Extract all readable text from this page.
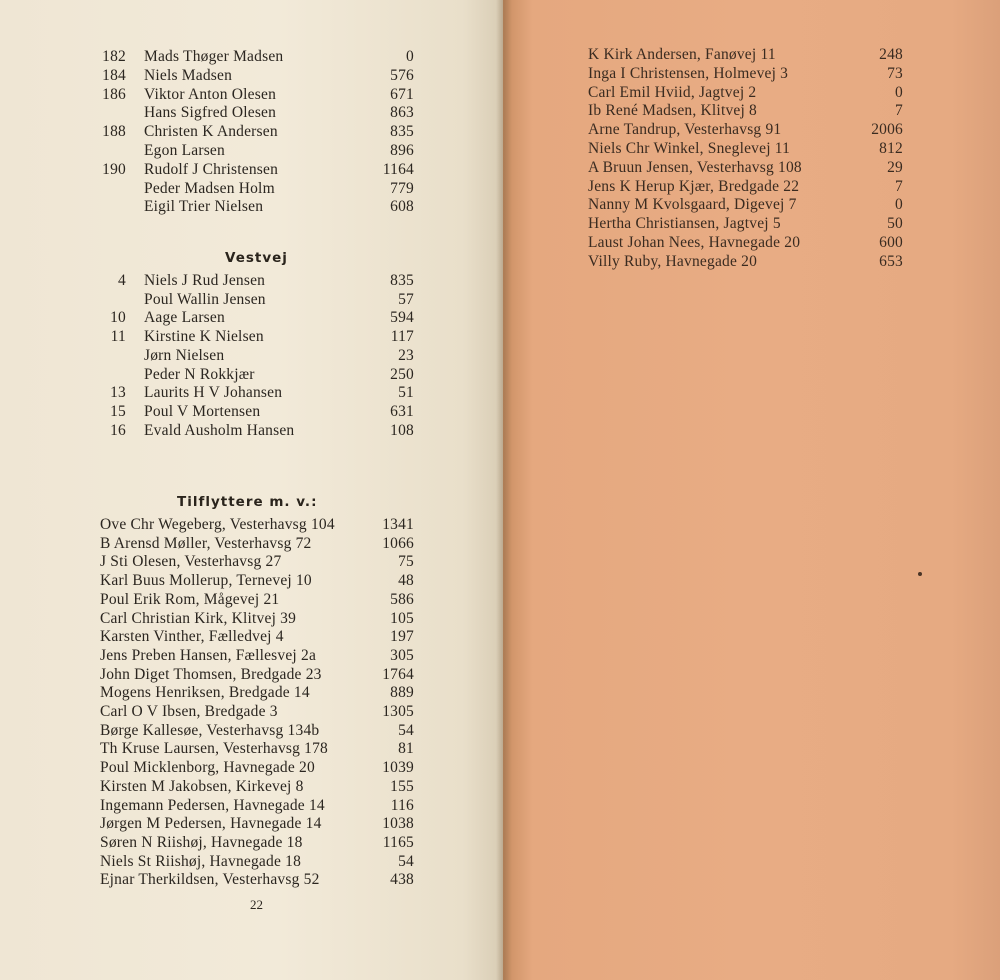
182 Mads Thøger Madsen	0
184 Niels Madsen	576
186 Viktor Anton Olesen	671
Hans Sigfred Olesen	863
188 Christen K Andersen	835
Egon Larsen	896
190 Rudolf J Christensen	1164
Peder Madsen Holm	779
Eigil Trier Nielsen	608
Vestvej
4 Niels J Rud Jensen	835
Poul Wallin Jensen	57
10 Aage Larsen	594
11 Kirstine K Nielsen	117
Jørn Nielsen	23
Peder N Rokkjær	250
13 Laurits H V Johansen	51
15 Poul V Mortensen	631
16 Evald Ausholm Hansen	108
Tilflyttere m. v.:
Ove Chr Wegeberg, Vesterhavsg 104	1341
B Arensd Møller, Vesterhavsg 72	1066
J Sti Olesen, Vesterhavsg 27	75
Karl Buus Mollerup, Ternevej 10	48
Poul Erik Rom, Mågevej 21	586
Carl Christian Kirk, Klitvej 39	105
Karsten Vinther, Fælledvej 4	197
Jens Preben Hansen, Fællesvej 2a	305
John Diget Thomsen, Bredgade 23	1764
Mogens Henriksen, Bredgade 14	889
Carl O V Ibsen, Bredgade 3	1305
Børge Kallesøe, Vesterhavsg 134b	54
Th Kruse Laursen, Vesterhavsg 178	81
Poul Micklenborg, Havnegade 20	1039
Kirsten M Jakobsen, Kirkevej 8	155
Ingemann Pedersen, Havnegade 14	116
Jørgen M Pedersen, Havnegade 14	1038
Søren N Riishøj, Havnegade 18	1165
Niels St Riishøj, Havnegade 18	54
Ejnar Therkildsen, Vesterhavsg 52	438
22
K Kirk Andersen, Fanøvej 11	248
Inga I Christensen, Holmevej 3	73
Carl Emil Hviid, Jagtvej 2	0
Ib René Madsen, Klitvej 8	7
Arne Tandrup, Vesterhavsg 91	2006
Niels Chr Winkel, Sneglevej 11	812
A Bruun Jensen, Vesterhavsg 108	29
Jens K Herup Kjær, Bredgade 22	7
Nanny M Kvolsgaard, Digevej 7	0
Hertha Christiansen, Jagtvej 5	50
Laust Johan Nees, Havnegade 20	600
Villy Ruby, Havnegade 20	653
